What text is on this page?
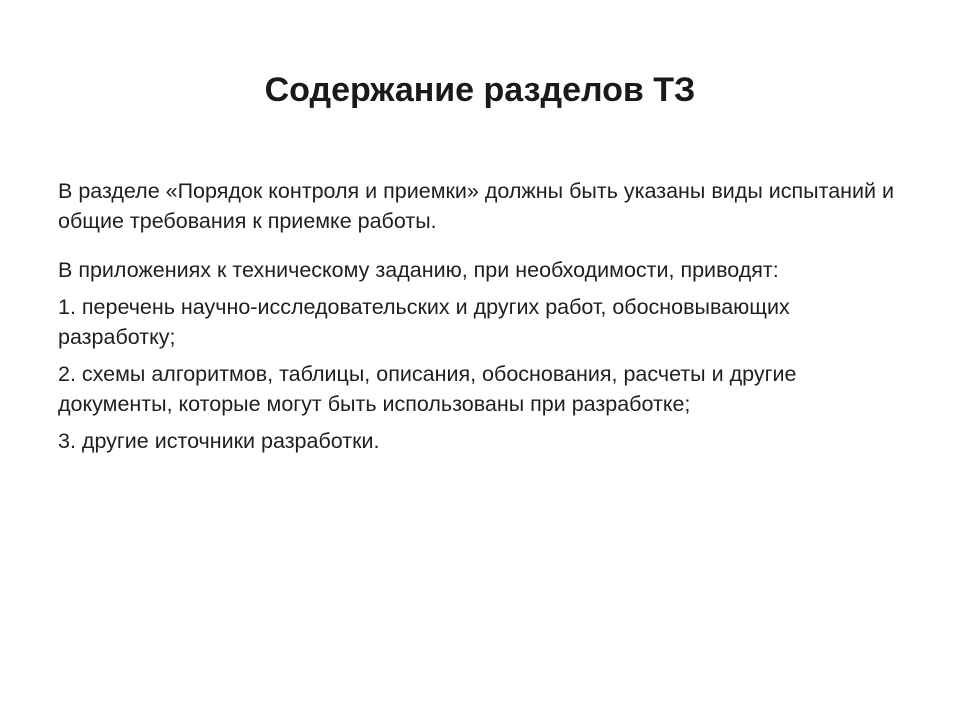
Содержание разделов ТЗ

В разделе «Порядок контроля и приемки» должны быть указаны виды испытаний и общие требования к приемке работы.

В приложениях к техническому заданию, при необходимости, приводят:

1. перечень научно-исследовательских и других работ, обосновывающих разработку;

2. схемы алгоритмов, таблицы, описания, обоснования, расчеты и другие документы, которые могут быть использованы при разработке;

3. другие источники разработки.
